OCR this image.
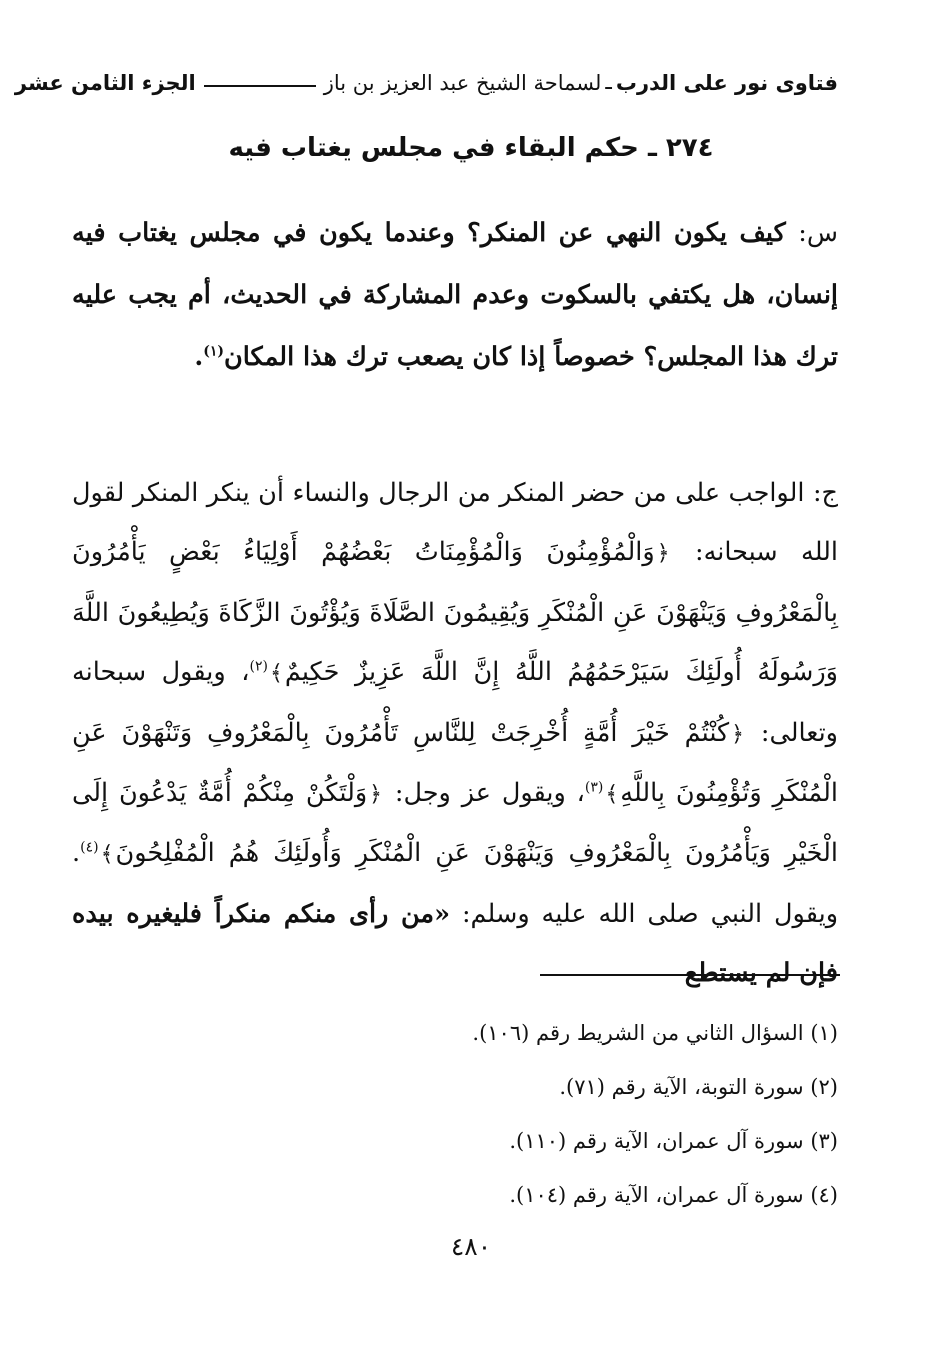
فتاوى نور على الدرب
ـ
لسماحة الشيخ عبد العزيز بن باز
الجزء الثامن عشر
٢٧٤ ـ حكم البقاء في مجلس يغتاب فيه

س: كيف يكون النهي عن المنكر؟ وعندما يكون في مجلس يغتاب فيه إنسان، هل يكتفي بالسكوت وعدم المشاركة في الحديث، أم يجب عليه ترك هذا المجلس؟ خصوصاً إذا كان يصعب ترك هذا المكان$^{(١)}$.

ج: الواجب على من حضر المنكر من الرجال والنساء أن ينكر المنكر لقول الله سبحانه: ﴿وَالْمُؤْمِنُونَ وَالْمُؤْمِنَاتُ بَعْضُهُمْ أَوْلِيَاءُ بَعْضٍ يَأْمُرُونَ بِالْمَعْرُوفِ وَيَنْهَوْنَ عَنِ الْمُنْكَرِ وَيُقِيمُونَ الصَّلَاةَ وَيُؤْتُونَ الزَّكَاةَ وَيُطِيعُونَ اللَّهَ وَرَسُولَهُ أُولَئِكَ سَيَرْحَمُهُمُ اللَّهُ إِنَّ اللَّهَ عَزِيزٌ حَكِيمٌ﴾$^{(٢)}$، ويقول سبحانه وتعالى: ﴿كُنْتُمْ خَيْرَ أُمَّةٍ أُخْرِجَتْ لِلنَّاسِ تَأْمُرُونَ بِالْمَعْرُوفِ وَتَنْهَوْنَ عَنِ الْمُنْكَرِ وَتُؤْمِنُونَ بِاللَّهِ﴾$^{(٣)}$، ويقول عز وجل: ﴿وَلْتَكُنْ مِنْكُمْ أُمَّةٌ يَدْعُونَ إِلَى الْخَيْرِ وَيَأْمُرُونَ بِالْمَعْرُوفِ وَيَنْهَوْنَ عَنِ الْمُنْكَرِ وَأُولَئِكَ هُمُ الْمُفْلِحُونَ﴾$^{(٤)}$. ويقول النبي صلى الله عليه وسلم: «من رأى منكم منكراً فليغيره بيده فإن لم يستطع

(١) السؤال الثاني من الشريط رقم (١٠٦).
(٢) سورة التوبة، الآية رقم (٧١).
(٣) سورة آل عمران، الآية رقم (١١٠).
(٤) سورة آل عمران، الآية رقم (١٠٤).
٤٨٠
